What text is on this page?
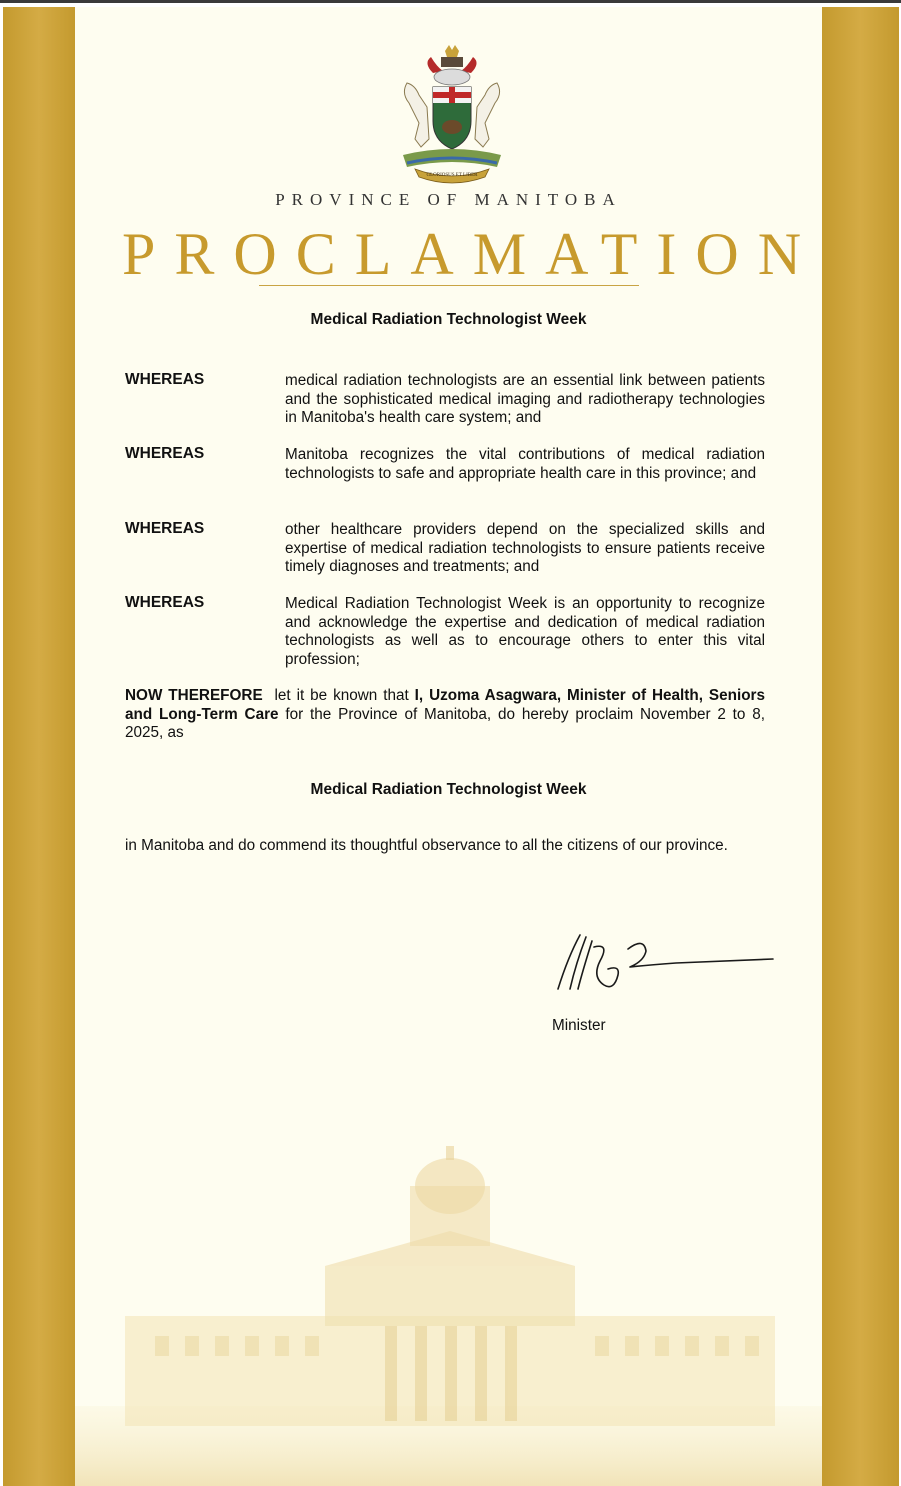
GLORIOSUS ET LIBER
PROVINCE OF MANITOBA
PROCLAMATION
Medical Radiation Technologist Week
WHEREAS	medical radiation technologists are an essential link between patients and the sophisticated medical imaging and radiotherapy technologies in Manitoba's health care system; and
WHEREAS	Manitoba recognizes the vital contributions of medical radiation technologists to safe and appropriate health care in this province; and
WHEREAS	other healthcare providers depend on the specialized skills and expertise of medical radiation technologists to ensure patients receive timely diagnoses and treatments; and
WHEREAS	Medical Radiation Technologist Week is an opportunity to recognize and acknowledge the expertise and dedication of medical radiation technologists as well as to encourage others to enter this vital profession;
NOW THEREFORE let it be known that I, Uzoma Asagwara, Minister of Health, Seniors and Long-Term Care for the Province of Manitoba, do hereby proclaim November 2 to 8, 2025, as
Medical Radiation Technologist Week
in Manitoba and do commend its thoughtful observance to all the citizens of our province.
Minister
